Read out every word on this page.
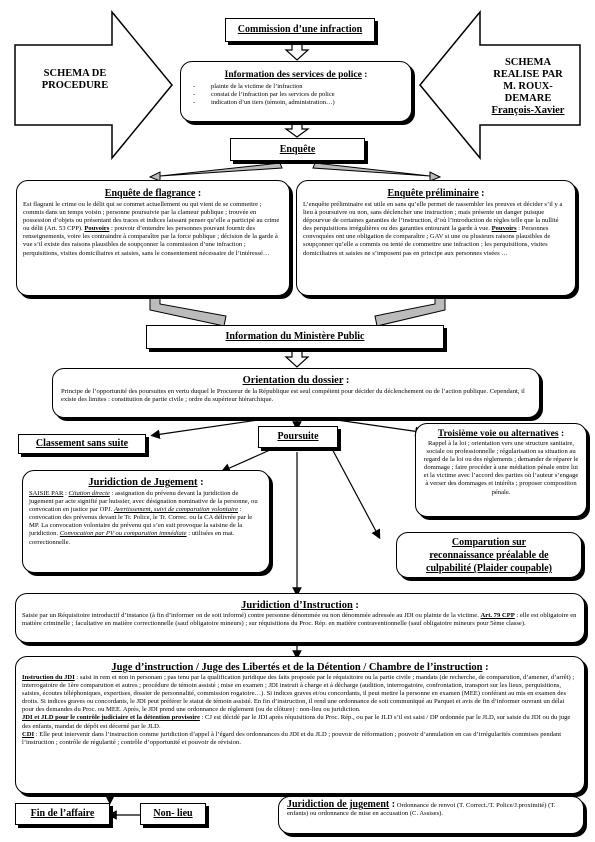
SCHEMA DE
PROCEDURE
SCHEMA
REALISE PAR
M. ROUX-
DEMARE
François-Xavier
Commission d’une infraction
Information des services de police :
- plainte de la victime de l’infraction
- constat de l’infraction par les services de police
- indication d’un tiers (témoin, administration…)
Enquête
Enquête de flagrance :
Est flagrant le crime ou le délit qui se commet actuellement ou qui vient de se commettre ; commis dans un temps voisin ; personne poursuivie par la clameur publique ; trouvée en possession d’objets ou présentant des traces et indices laissant penser qu’elle a participé au crime ou délit (Art. 53 CPP). Pouvoirs : pouvoir d’entendre les personnes pouvant fournir des renseignements, voire les contraindre à comparaître par la force publique ; décision de la garde à vue s’il existe des raisons plausibles de soupçonner la commission d’une infraction ; perquisitions, visites domiciliaires et saisies, sans le consentement nécessaire de l’intéressé…
Enquête préliminaire :
L’enquête préliminaire est utile en sans qu’elle permet de rassembler les preuves et décider s’il y a lieu à poursuivre ou non, sans déclencher une instruction ; mais présente un danger puisque dépourvue de certaines garanties de l’instruction, d’où l’introduction de règles telle que la nullité des perquisitions irrégulières ou des garanties entourant la garde à vue. Pouvoirs : Personnes convoquées ont une obligation de comparaître ; GAV si une ou plusieurs raisons plausibles de soupçonner qu’elle a commis ou tenté de commettre une infraction ; les perquisitions, visites domiciliaires et saisies ne s’imposent pas en principe aux personnes visées …
Information du Ministère Public
Orientation du dossier :
Principe de l’opportunité des poursuites en vertu duquel le Procureur de la République est seul compétent pour décider du déclenchement ou de l’action publique. Cependant, il existe des limites : constitution de partie civile ; ordre du supérieur hiérarchique.
Classement sans suite
Poursuite	Troisième voie ou alternatives :
Rappel à la loi ; orientation vers une structure sanitaire, sociale ou professionnelle ; régularisation sa situation au regard de la loi ou des règlements ; demander de réparer le dommage ; faire procéder à une médiation pénale entre lui et la victime avec l’accord des parties où l’auteur s’engage à verser des dommages et intérêts ; proposer composition pénale.
Juridiction de Jugement :
SAISIE PAR : Citation directe : assignation du prévenu devant la juridiction de jugement par acte signifié par huissier, avec désignation nominative de la personne, ou convocation en justice par OPJ. Avertissement, suivi de comparution volontaire : convocation des prévenus devant le Tr. Police, le Tr. Correc. ou la CA délivrée par le MP. La convocation volontaire du prévenu qui s’en suit provoque la saisine de la juridiction. Convocation par PV ou comparution immédiate : utilisées en mat. correctionnelle.	Comparution sur
reconnaissance préalable de
culpabilité (Plaider coupable)
Juridiction d’Instruction :
Saisie par un Réquisitoire introductif d’instance (à fin d’informer on de soit informé) contre personne dénommée ou non dénommée adressée au JDI ou plainte de la victime. Art. 79 CPP : elle est obligatoire en matière criminelle ; facultative en matière correctionnelle (sauf obligatoire mineurs) ; sur réquisitions du Proc. Rép. en matière contraventionnelle (sauf obligatoire mineurs pour 5ème classe).
Juge d’instruction / Juge des Libertés et de la Détention / Chambre de l’instruction :

Instruction du JDI : saisi in rem et non in personam ; pas tenu par la qualification juridique des faits proposée par le réquisitoire ou la partie civile ; mandats (de recherche, de comparution, d’amener, d’arrêt) ; interrogatoire de 1ère comparution et autres ; procédure de témoin assisté ; mise en examen ; JDI instruit à charge et à décharge (audition, interrogatoire, confrontation, transport sur les lieux, perquisitions, saisies, écoutes téléphoniques, expertises, dossier de personnalité, commission rogatoire…). Si indices graves et/ou concordants, il peut mettre la personne en examen (MEE) conférant au mis en examen des droits. Si indices graves ou concordants, le JDI peut préférer le statut de témoin assisté. En fin d’instruction, il rend une ordonnance de soit communiqué au Parquet et avis de fin d’informer ouvrant un délai pour des demandes du Proc. ou MEE. Après, le JDI prend une ordonnance de règlement (ou de clôture) : non-lieu ou juridiction.

JDI et JLD pour le contrôle judiciaire et la détention provisoire : CJ est décidé par le JDI après réquisitions du Proc. Rép., ou par le JLD s’il est saisi / DP ordonnée par le JLD, sur saisie du JDI ou du juge des enfants, mandat de dépôt est décerné par le JLD.

CDI : Elle peut intervenir dans l’instruction comme juridiction d’appel à l’égard des ordonnances du JDI et du JLD ; pouvoir de réformation ; pouvoir d’annulation en cas d’irrégularités commises pendant l’instruction ; contrôle de régularité ; contrôle d’opportunité et pouvoir de révision.

Fin de l’affaire	Non- lieu
Juridiction de jugement : Ordonnance de renvoi (T. Correct./T. Police/J.proximité) (T. enfants) ou ordonnance de mise en accusation (C. Assises).
